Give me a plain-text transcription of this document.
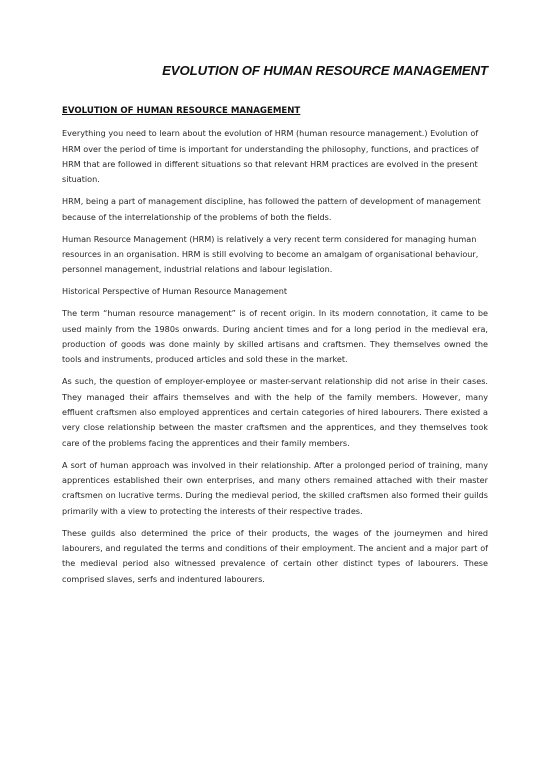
EVOLUTION OF HUMAN RESOURCE MANAGEMENT
EVOLUTION OF HUMAN RESOURCE MANAGEMENT

Everything you need to learn about the evolution of HRM (human resource management.) Evolution of HRM over the period of time is important for understanding the philosophy, functions, and practices of HRM that are followed in different situations so that relevant HRM practices are evolved in the present situation.

HRM, being a part of management discipline, has followed the pattern of development of management because of the interrelationship of the problems of both the fields.

Human Resource Management (HRM) is relatively a very recent term considered for managing human resources in an organisation. HRM is still evolving to become an amalgam of organisational behaviour, personnel management, industrial relations and labour legislation.

Historical Perspective of Human Resource Management

The term “human resource management” is of recent origin. In its modern connotation, it came to be used mainly from the 1980s onwards. During ancient times and for a long period in the medieval era, production of goods was done mainly by skilled artisans and craftsmen. They themselves owned the tools and instruments, produced articles and sold these in the market.

As such, the question of employer-employee or master-servant relationship did not arise in their cases. They managed their affairs themselves and with the help of the family members. However, many effluent craftsmen also employed apprentices and certain categories of hired labourers. There existed a very close relationship between the master craftsmen and the apprentices, and they themselves took care of the problems facing the apprentices and their family members.

A sort of human approach was involved in their relationship. After a prolonged period of training, many apprentices established their own enterprises, and many others remained attached with their master craftsmen on lucrative terms. During the medieval period, the skilled craftsmen also formed their guilds primarily with a view to protecting the interests of their respective trades.

These guilds also determined the price of their products, the wages of the journeymen and hired labourers, and regulated the terms and conditions of their employment. The ancient and a major part of the medieval period also witnessed prevalence of certain other distinct types of labourers. These comprised slaves, serfs and indentured labourers.
